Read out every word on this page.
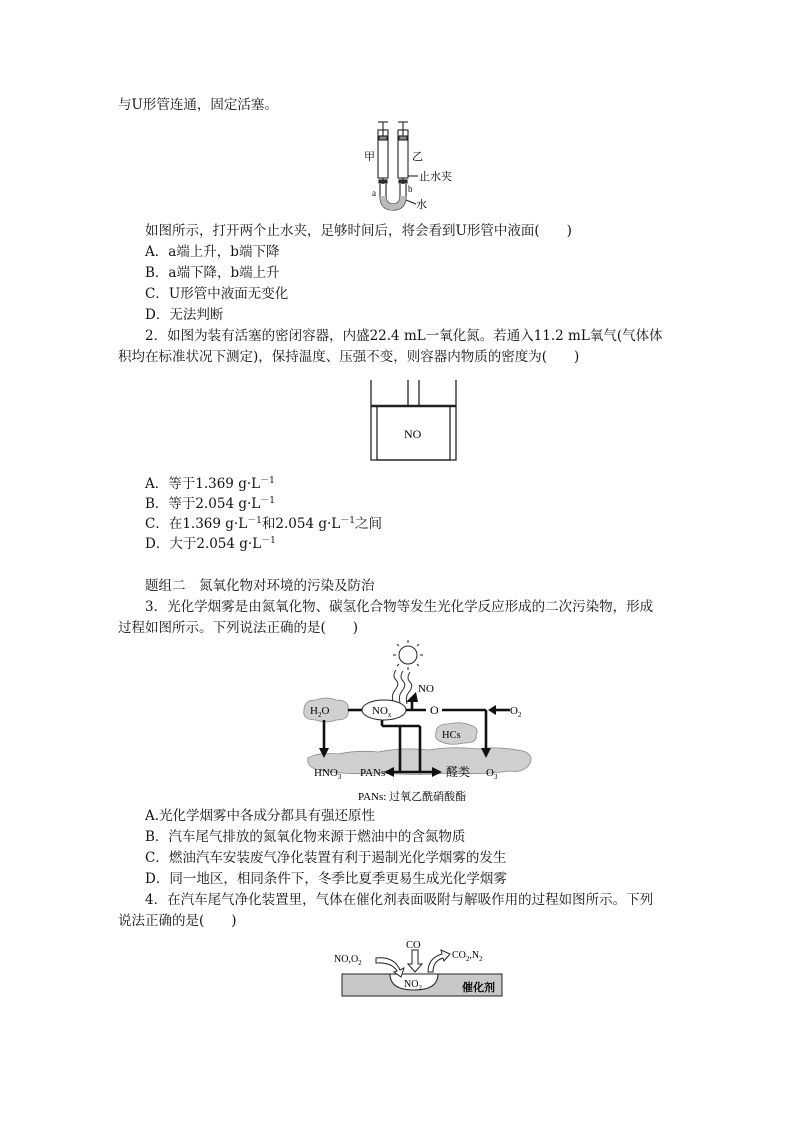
与U形管连通，固定活塞。
甲	乙
止水夹
a	b
水
如图所示，打开两个止水夹，足够时间后，将会看到U形管中液面(　　)
A．a端上升，b端下降
B．a端下降，b端上升
C．U形管中液面无变化
D．无法判断
2．如图为装有活塞的密闭容器，内盛22.4 mL一氧化氮。若通入11.2 mL氧气(气体体
积均在标准状况下测定)，保持温度、压强不变，则容器内物质的密度为(　　)
NO
A．等于1.369 $g\cdot L^{-1}$
B．等于2.054 $g\cdot L^{-1}$
C．在1.369 $g\cdot L^{-1}$和2.054 $g\cdot L^{-1}$之间
D．大于2.054 $g\cdot L^{-1}$
题组二　氮氧化物对环境的污染及防治
3．光化学烟雾是由氮氧化物、碳氢化合物等发生光化学反应形成的二次污染物，形成
过程如图所示。下列说法正确的是(　　)
$H_2O$	$NO_x$
NO
O	$O_2$
HCs
$HNO_3$ PANs	醛类 $O_3$
PANs: 过氧乙酰硝酸酯
A.光化学烟雾中各成分都具有强还原性
B．汽车尾气排放的氮氧化物来源于燃油中的含氮物质
C．燃油汽车安装废气净化装置有利于遏制光化学烟雾的发生
D．同一地区，相同条件下，冬季比夏季更易生成光化学烟雾
4．在汽车尾气净化装置里，气体在催化剂表面吸附与解吸作用的过程如图所示。下列
说法正确的是(　　)
$NO,O_2$
CO
$CO_2,N_2$
$NO_2$	催化剂
